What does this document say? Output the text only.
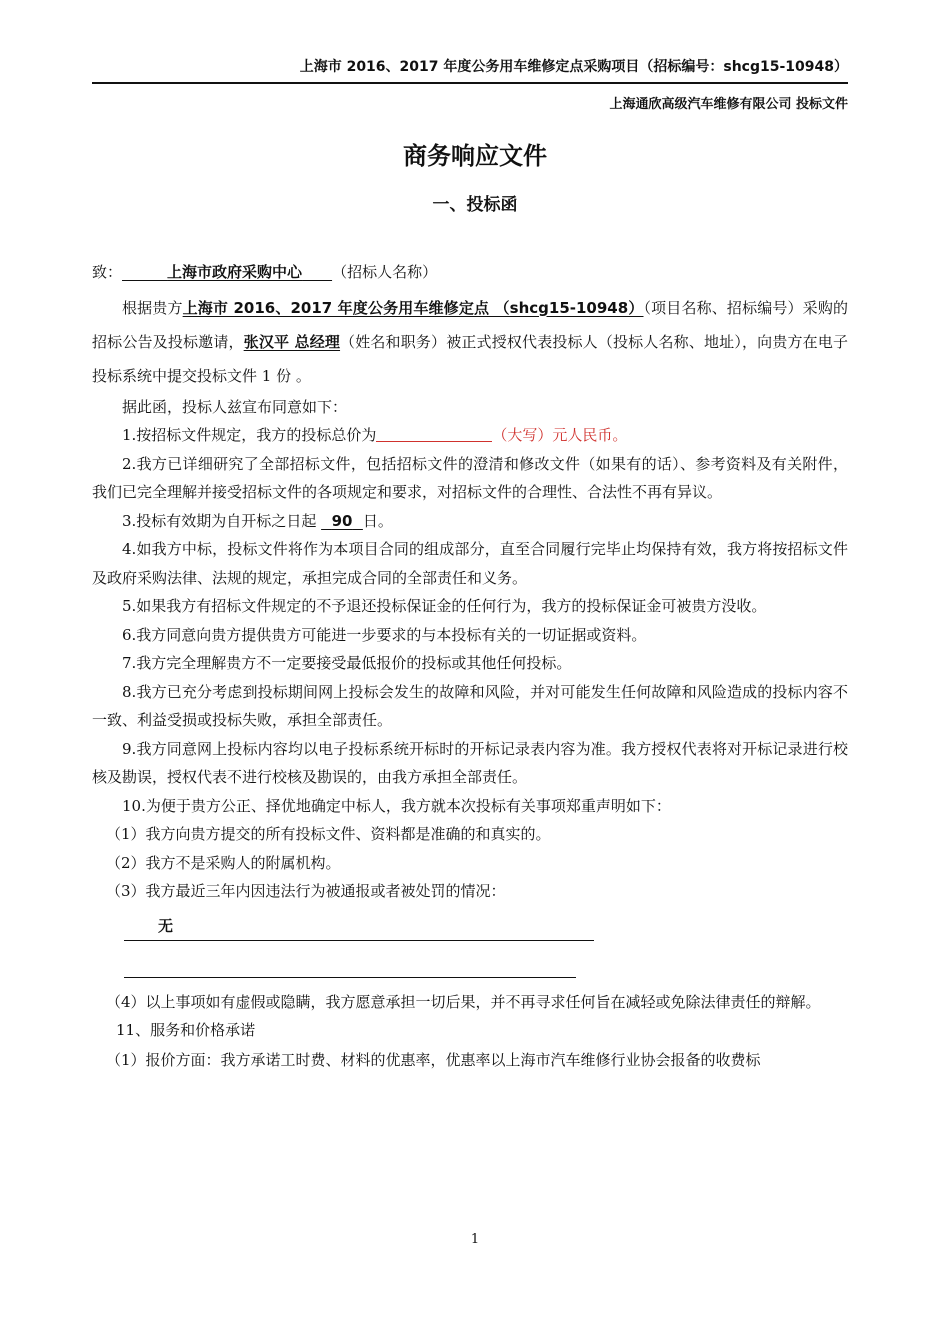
上海市 2016、2017 年度公务用车维修定点采购项目（招标编号：shcg15-10948）
上海通欣高级汽车维修有限公司 投标文件
商务响应文件
一、投标函

致：	上海市政府采购中心 （招标人名称）

根据贵方上海市 2016、2017 年度公务用车维修定点 （shcg15-10948）（项目名称、招标编号）采购的招标公告及投标邀请，张汉平 总经理（姓名和职务）被正式授权代表投标人（投标人名称、地址），向贵方在电子投标系统中提交投标文件 1 份 。

据此函，投标人兹宣布同意如下：

1.按招标文件规定，我方的投标总价为	（大写）元人民币。

2.我方已详细研究了全部招标文件，包括招标文件的澄清和修改文件（如果有的话）、参考资料及有关附件，我们已完全理解并接受招标文件的各项规定和要求，对招标文件的合理性、合法性不再有异议。

3.投标有效期为自开标之日起 90 日。

4.如我方中标，投标文件将作为本项目合同的组成部分，直至合同履行完毕止均保持有效，我方将按招标文件及政府采购法律、法规的规定，承担完成合同的全部责任和义务。

5.如果我方有招标文件规定的不予退还投标保证金的任何行为，我方的投标保证金可被贵方没收。

6.我方同意向贵方提供贵方可能进一步要求的与本投标有关的一切证据或资料。

7.我方完全理解贵方不一定要接受最低报价的投标或其他任何投标。

8.我方已充分考虑到投标期间网上投标会发生的故障和风险，并对可能发生任何故障和风险造成的投标内容不一致、利益受损或投标失败，承担全部责任。

9.我方同意网上投标内容均以电子投标系统开标时的开标记录表内容为准。我方授权代表将对开标记录进行校核及勘误，授权代表不进行校核及勘误的，由我方承担全部责任。

10.为便于贵方公正、择优地确定中标人，我方就本次投标有关事项郑重声明如下：

（1）我方向贵方提交的所有投标文件、资料都是准确的和真实的。

（2）我方不是采购人的附属机构。

（3）我方最近三年内因违法行为被通报或者被处罚的情况：

无

（4）以上事项如有虚假或隐瞒，我方愿意承担一切后果，并不再寻求任何旨在减轻或免除法律责任的辩解。

11、服务和价格承诺

（1）报价方面：我方承诺工时费、材料的优惠率，优惠率以上海市汽车维修行业协会报备的收费标

1
